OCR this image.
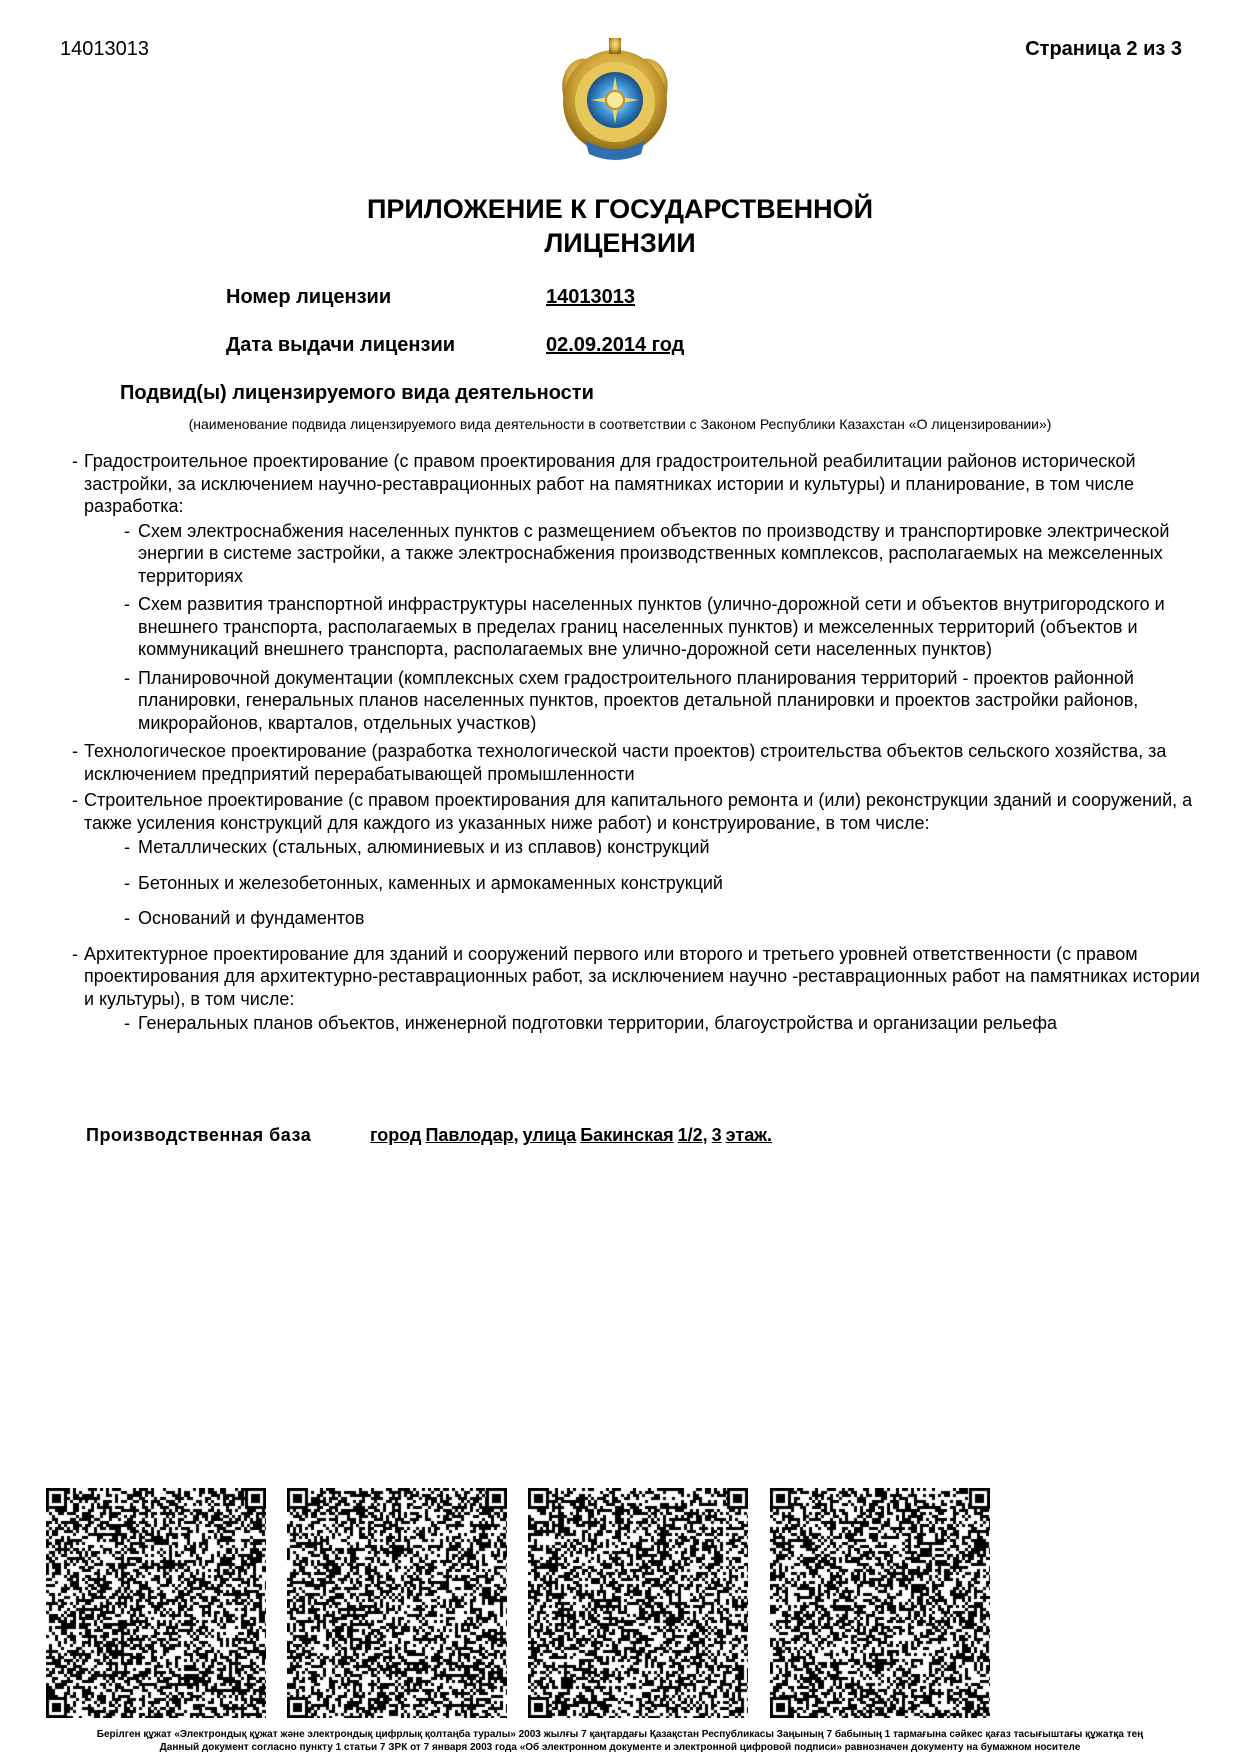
14013013	Страница 2 из 3
ПРИЛОЖЕНИЕ К ГОСУДАРСТВЕННОЙ
ЛИЦЕНЗИИ
Номер лицензии	14013013
Дата выдачи лицензии	02.09.2014 год
Подвид(ы) лицензируемого вида деятельности
(наименование подвида лицензируемого вида деятельности в соответствии с Законом Республики Казахстан «О лицензировании»)
- Градостроительное проектирование (с правом проектирования для градостроительной реабилитации районов исторической застройки, за исключением научно-реставрационных работ на памятниках истории и культуры) и планирование, в том числе разработка:
- Схем электроснабжения населенных пунктов с размещением объектов по производству и транспортировке электрической энергии в системе застройки, а также электроснабжения производственных комплексов, располагаемых на межселенных территориях
- Схем развития транспортной инфраструктуры населенных пунктов (улично-дорожной сети и объектов внутригородского и внешнего транспорта, располагаемых в пределах границ населенных пунктов) и межселенных территорий (объектов и коммуникаций внешнего транспорта, располагаемых вне улично-дорожной сети населенных пунктов)
- Планировочной документации (комплексных схем градостроительного планирования территорий - проектов районной планировки, генеральных планов населенных пунктов, проектов детальной планировки и проектов застройки районов, микрорайонов, кварталов, отдельных участков)
- Технологическое проектирование (разработка технологической части проектов) строительства объектов сельского хозяйства, за исключением предприятий перерабатывающей промышленности
- Строительное проектирование (с правом проектирования для капитального ремонта и (или) реконструкции зданий и сооружений, а также усиления конструкций для каждого из указанных ниже работ) и конструирование, в том числе:
- Металлических (стальных, алюминиевых и из сплавов) конструкций
- Бетонных и железобетонных, каменных и армокаменных конструкций
- Оснований и фундаментов
- Архитектурное проектирование для зданий и сооружений первого или второго и третьего уровней ответственности (с правом проектирования для архитектурно-реставрационных работ, за исключением научно -реставрационных работ на памятниках истории и культуры), в том числе:
- Генеральных планов объектов, инженерной подготовки территории, благоустройства и организации рельефа
Производственная база	город Павлодар, улица Бакинская 1/2, 3 этаж.
Берілген құжат «Электрондық құжат және электрондық цифрлық қолтаңба туралы» 2003 жылғы 7 қаңтардағы Қазақстан Республикасы Заңының 7 бабының 1 тармағына сәйкес қағаз тасығыштағы құжатқа тең
Данный документ согласно пункту 1 статьи 7 ЗРК от 7 января 2003 года «Об электронном документе и электронной цифровой подписи» равнозначен документу на бумажном носителе
